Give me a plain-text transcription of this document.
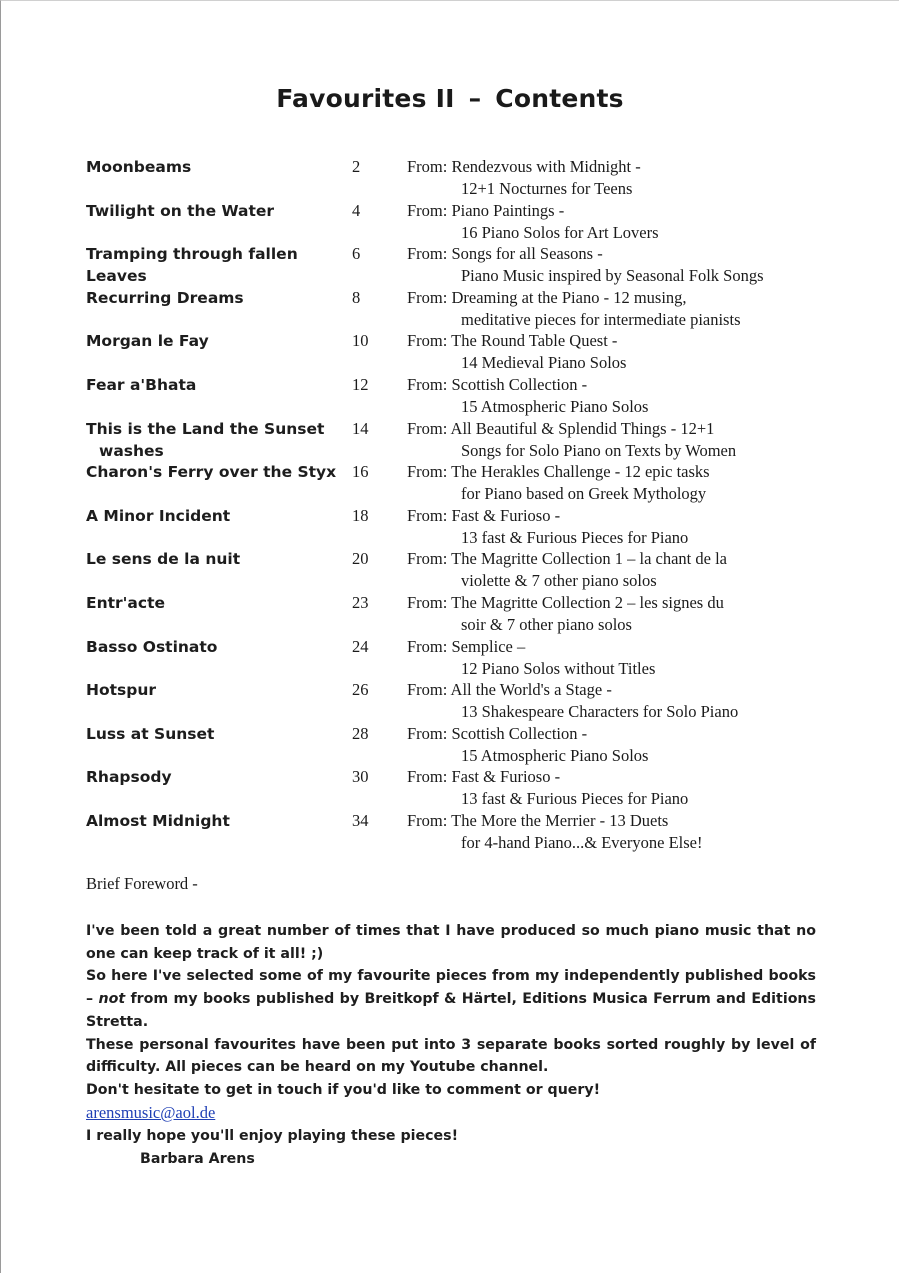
Favourites II – Contents
Moonbeams	2	From: Rendezvous with Midnight -
12+1 Nocturnes for Teens
Twilight on the Water	4	From: Piano Paintings -
16 Piano Solos for Art Lovers
Tramping through fallen Leaves
6	From: Songs for all Seasons -
Piano Music inspired by Seasonal Folk Songs
Recurring Dreams	8	From: Dreaming at the Piano - 12 musing,
meditative pieces for intermediate pianists
Morgan le Fay	10 From: The Round Table Quest -
14 Medieval Piano Solos
Fear a'Bhata	12 From: Scottish Collection -
15 Atmospheric Piano Solos
This is the Land the Sunset
washes
14 From: All Beautiful & Splendid Things - 12+1
Songs for Solo Piano on Texts by Women
Charon's Ferry over the Styx 16 From: The Herakles Challenge - 12 epic tasks
for Piano based on Greek Mythology
A Minor Incident	18 From: Fast & Furioso -
13 fast & Furious Pieces for Piano
Le sens de la nuit	20 From: The Magritte Collection 1 – la chant de la
violette & 7 other piano solos
Entr'acte	23 From: The Magritte Collection 2 – les signes du
soir & 7 other piano solos
Basso Ostinato	24 From: Semplice –
12 Piano Solos without Titles
Hotspur	26 From: All the World's a Stage -
13 Shakespeare Characters for Solo Piano
Luss at Sunset	28 From: Scottish Collection -
15 Atmospheric Piano Solos
Rhapsody	30 From: Fast & Furioso -
13 fast & Furious Pieces for Piano
Almost Midnight	34 From: The More the Merrier - 13 Duets
for 4-hand Piano...& Everyone Else!
Brief Foreword -
I've been told a great number of times that I have produced so much piano music that no one can keep track of it all! ;)
So here I've selected some of my favourite pieces from my independently published books – not from my books published by Breitkopf & Härtel, Editions Musica Ferrum and Editions Stretta.
These personal favourites have been put into 3 separate books sorted roughly by level of difficulty. All pieces can be heard on my Youtube channel.
Don't hesitate to get in touch if you'd like to comment or query!
arensmusic@aol.de
I really hope you'll enjoy playing these pieces!
Barbara Arens
